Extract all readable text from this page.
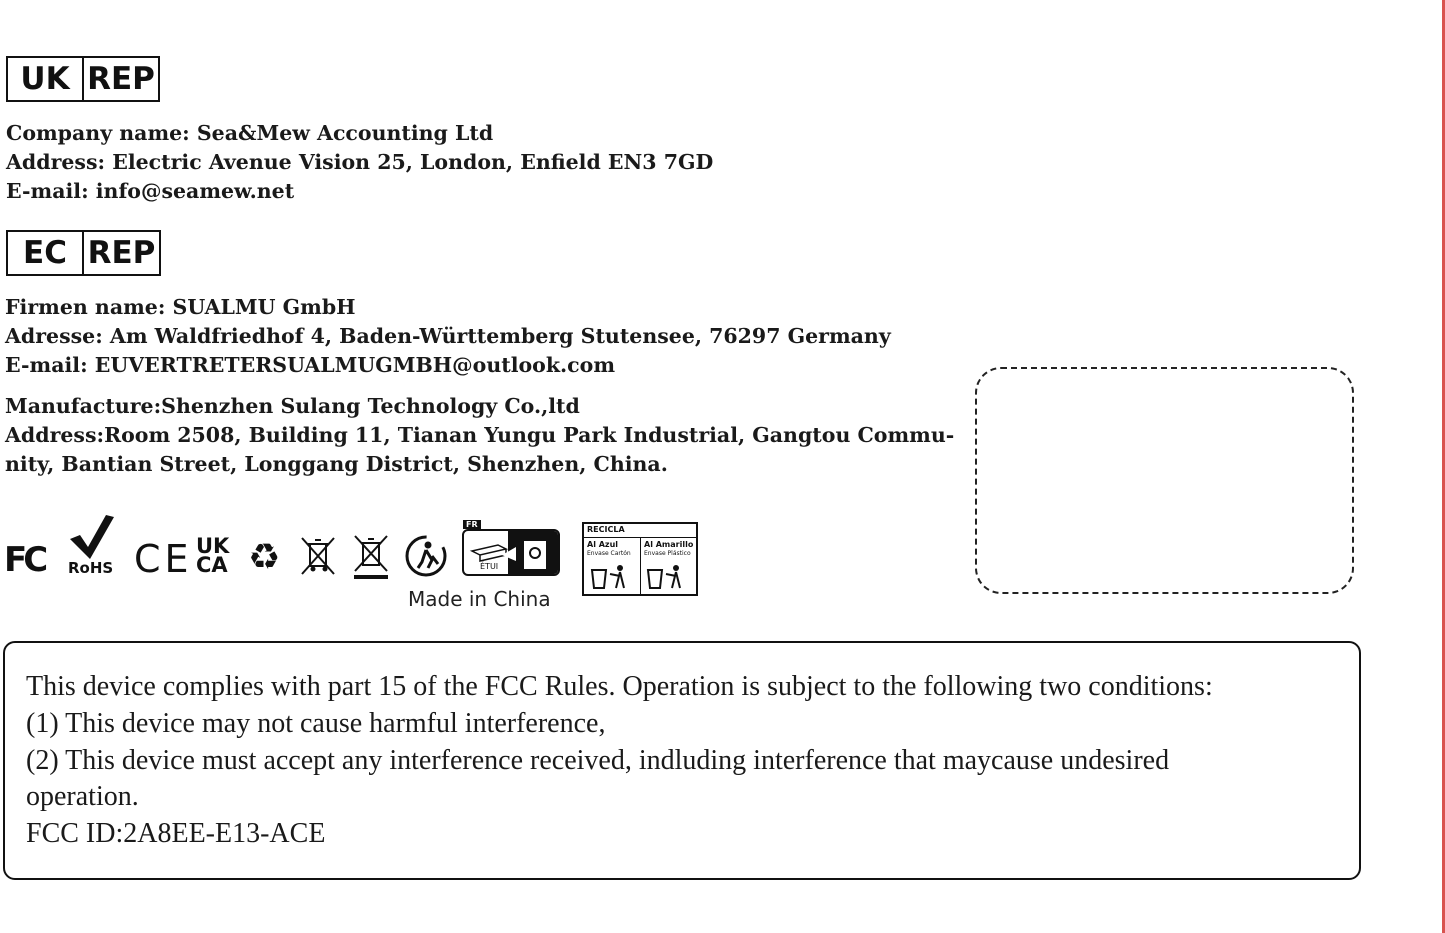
UK REP
Company name: Sea&Mew Accounting Ltd
Address: Electric Avenue Vision 25, London, Enfield EN3 7GD
E-mail: info@seamew.net
EC REP
Firmen name: SUALMU GmbH
Adresse: Am Waldfriedhof 4, Baden-Württemberg Stutensee, 76297 Germany
E-mail: EUVERTRETERSUALMUGMBH@outlook.com
Manufacture:Shenzhen Sulang Technology Co.,ltd
Address:Room 2508, Building 11, Tianan Yungu Park Industrial, Gangtou Commu-
nity, Bantian Street, Longgang District, Shenzhen, China.
FC RoHS CE UK
CA ♻
FR
ÉTUI
Made in China
RECICLA
Al Azul
Envase Cartón
Al Amarillo
Envase Plástico
This device complies with part 15 of the FCC Rules. Operation is subject to the following two conditions:
(1) This device may not cause harmful interference,
(2) This device must accept any interference received, indluding interference that maycause undesired
operation.
FCC ID:2A8EE-E13-ACE
